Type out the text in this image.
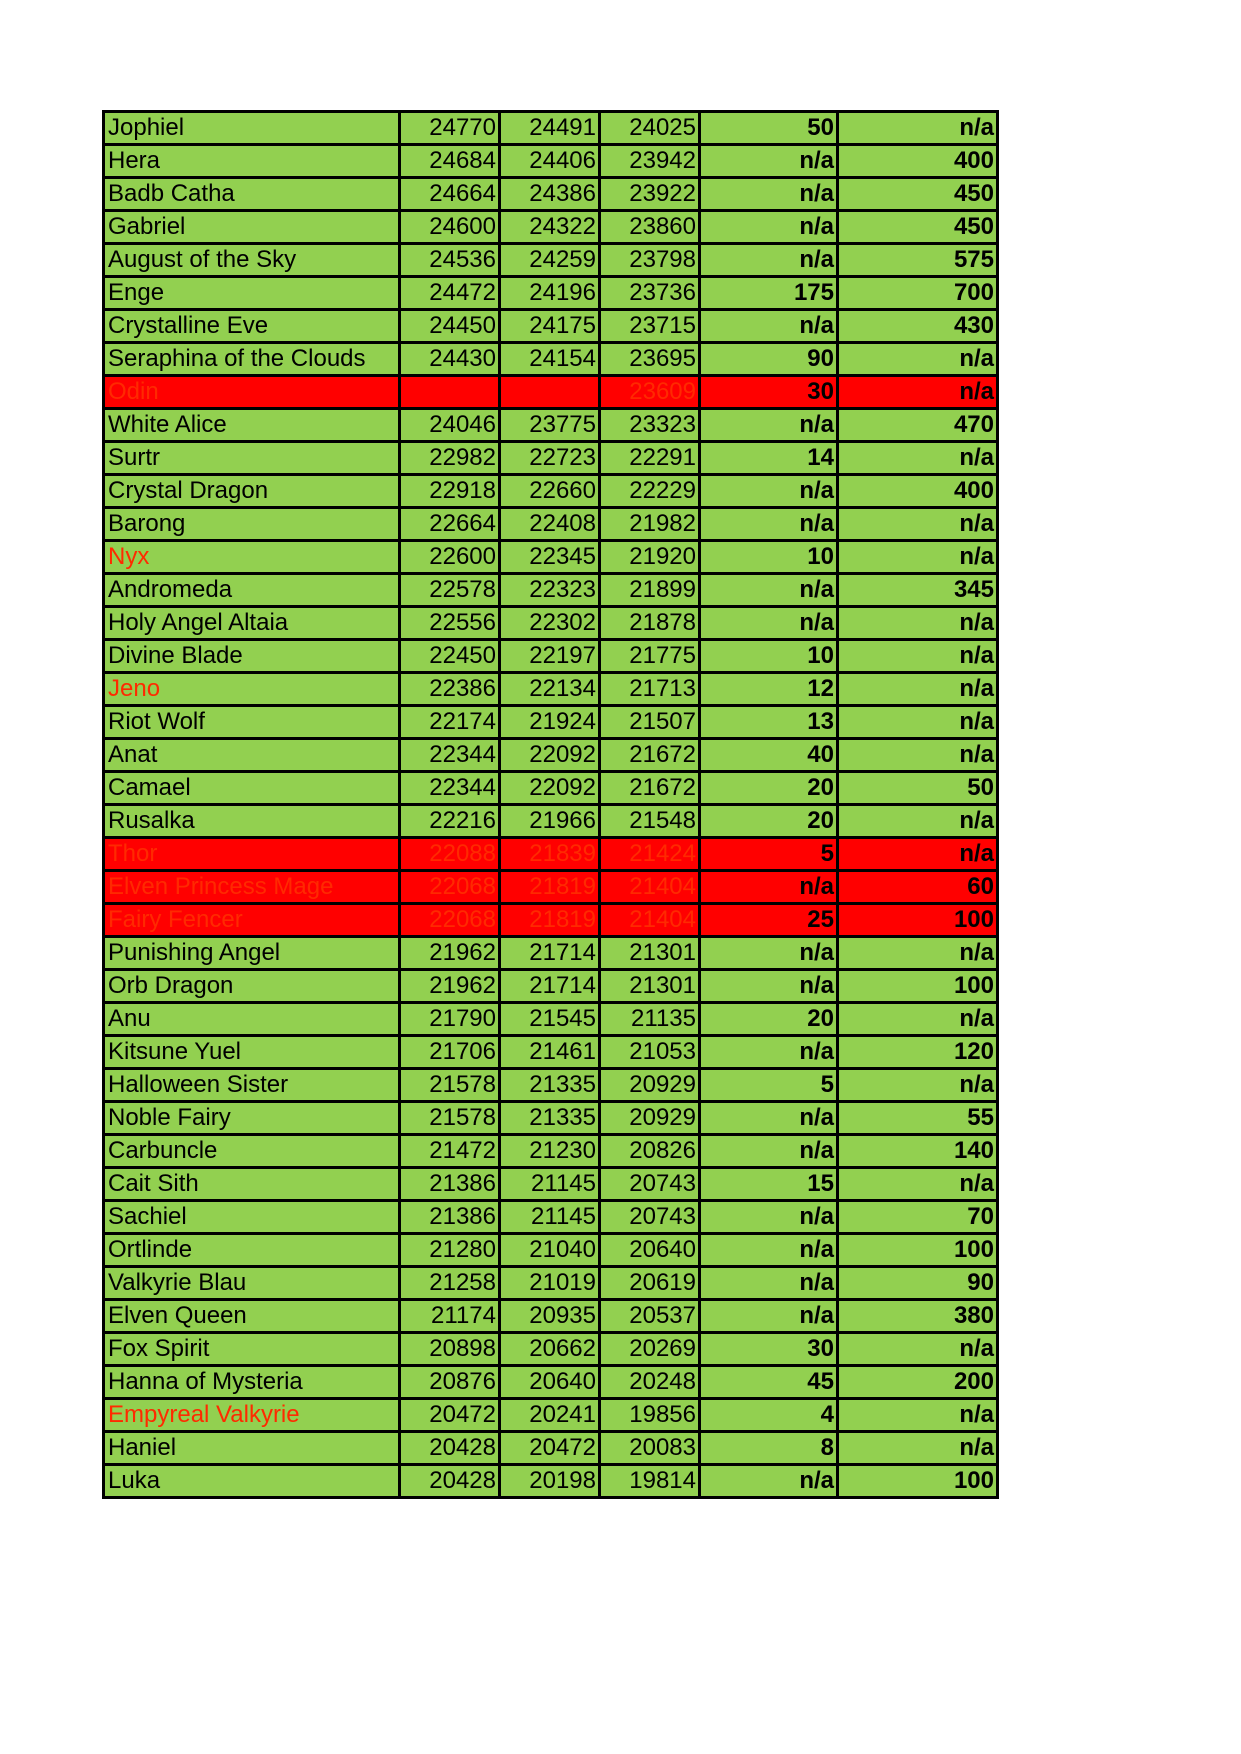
Jophiel	24770	24491	24025	50	n/a
Hera	24684	24406	23942	n/a	400
Badb Catha	24664	24386	23922	n/a	450
Gabriel	24600	24322	23860	n/a	450
August of the Sky	24536	24259	23798	n/a	575
Enge	24472	24196	23736	175	700
Crystalline Eve	24450	24175	23715	n/a	430
Seraphina of the Clouds	24430	24154	23695	90	n/a
Odin			23609	30	n/a
White Alice	24046	23775	23323	n/a	470
Surtr	22982	22723	22291	14	n/a
Crystal Dragon	22918	22660	22229	n/a	400
Barong	22664	22408	21982	n/a	n/a
Nyx	22600	22345	21920	10	n/a
Andromeda	22578	22323	21899	n/a	345
Holy Angel Altaia	22556	22302	21878	n/a	n/a
Divine Blade	22450	22197	21775	10	n/a
Jeno	22386	22134	21713	12	n/a
Riot Wolf	22174	21924	21507	13	n/a
Anat	22344	22092	21672	40	n/a
Camael	22344	22092	21672	20	50
Rusalka	22216	21966	21548	20	n/a
Thor	22088	21839	21424	5	n/a
Elven Princess Mage	22068	21819	21404	n/a	60
Fairy Fencer	22068	21819	21404	25	100
Punishing Angel	21962	21714	21301	n/a	n/a
Orb Dragon	21962	21714	21301	n/a	100
Anu	21790	21545	21135	20	n/a
Kitsune Yuel	21706	21461	21053	n/a	120
Halloween Sister	21578	21335	20929	5	n/a
Noble Fairy	21578	21335	20929	n/a	55
Carbuncle	21472	21230	20826	n/a	140
Cait Sith	21386	21145	20743	15	n/a
Sachiel	21386	21145	20743	n/a	70
Ortlinde	21280	21040	20640	n/a	100
Valkyrie Blau	21258	21019	20619	n/a	90
Elven Queen	21174	20935	20537	n/a	380
Fox Spirit	20898	20662	20269	30	n/a
Hanna of Mysteria	20876	20640	20248	45	200
Empyreal Valkyrie	20472	20241	19856	4	n/a
Haniel	20428	20472	20083	8	n/a
Luka	20428	20198	19814	n/a	100
